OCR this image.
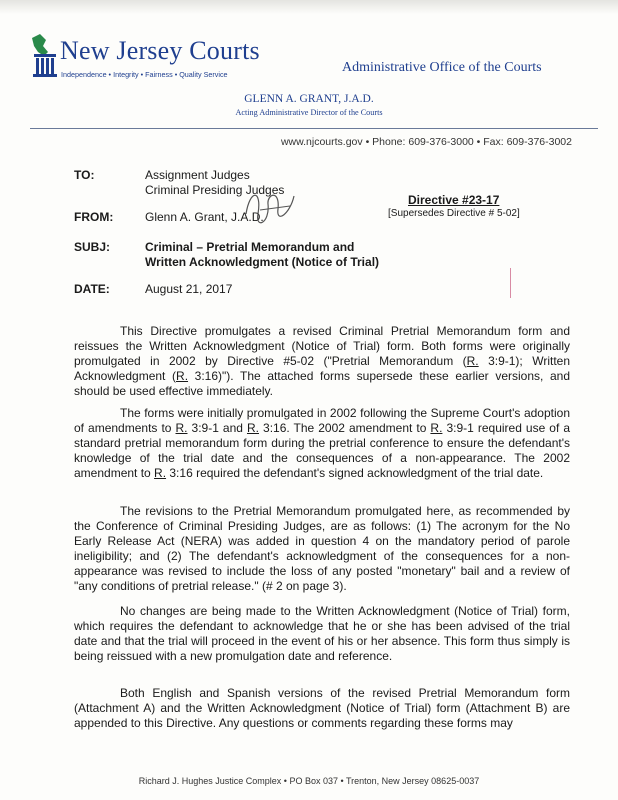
New Jersey Courts
Independence • Integrity • Fairness • Quality Service	Administrative Office of the Courts
GLENN A. GRANT, J.A.D.
Acting Administrative Director of the Courts
www.njcourts.gov • Phone: 609-376-3000 • Fax: 609-376-3002
TO:	Assignment Judges
Criminal Presiding Judges
FROM:	Glenn A. Grant, J.A.D.
Directive #23-17
[Supersedes Directive # 5-02]
SUBJ:	Criminal – Pretrial Memorandum and
Written Acknowledgment (Notice of Trial)
DATE:	August 21, 2017
This Directive promulgates a revised Criminal Pretrial Memorandum form and reissues the Written Acknowledgment (Notice of Trial) form. Both forms were originally promulgated in 2002 by Directive #5-02 ("Pretrial Memorandum (R. 3:9-1); Written Acknowledgment (R. 3:16)"). The attached forms supersede these earlier versions, and should be used effective immediately.
The forms were initially promulgated in 2002 following the Supreme Court's adoption of amendments to R. 3:9-1 and R. 3:16. The 2002 amendment to R. 3:9-1 required use of a standard pretrial memorandum form during the pretrial conference to ensure the defendant's knowledge of the trial date and the consequences of a non-appearance. The 2002 amendment to R. 3:16 required the defendant's signed acknowledgment of the trial date.
The revisions to the Pretrial Memorandum promulgated here, as recommended by the Conference of Criminal Presiding Judges, are as follows: (1) The acronym for the No Early Release Act (NERA) was added in question 4 on the mandatory period of parole ineligibility; and (2) The defendant's acknowledgment of the consequences for a non-appearance was revised to include the loss of any posted "monetary" bail and a review of "any conditions of pretrial release." (# 2 on page 3).
No changes are being made to the Written Acknowledgment (Notice of Trial) form, which requires the defendant to acknowledge that he or she has been advised of the trial date and that the trial will proceed in the event of his or her absence. This form thus simply is being reissued with a new promulgation date and reference.
Both English and Spanish versions of the revised Pretrial Memorandum form (Attachment A) and the Written Acknowledgment (Notice of Trial) form (Attachment B) are appended to this Directive. Any questions or comments regarding these forms may
Richard J. Hughes Justice Complex • PO Box 037 • Trenton, New Jersey 08625-0037
